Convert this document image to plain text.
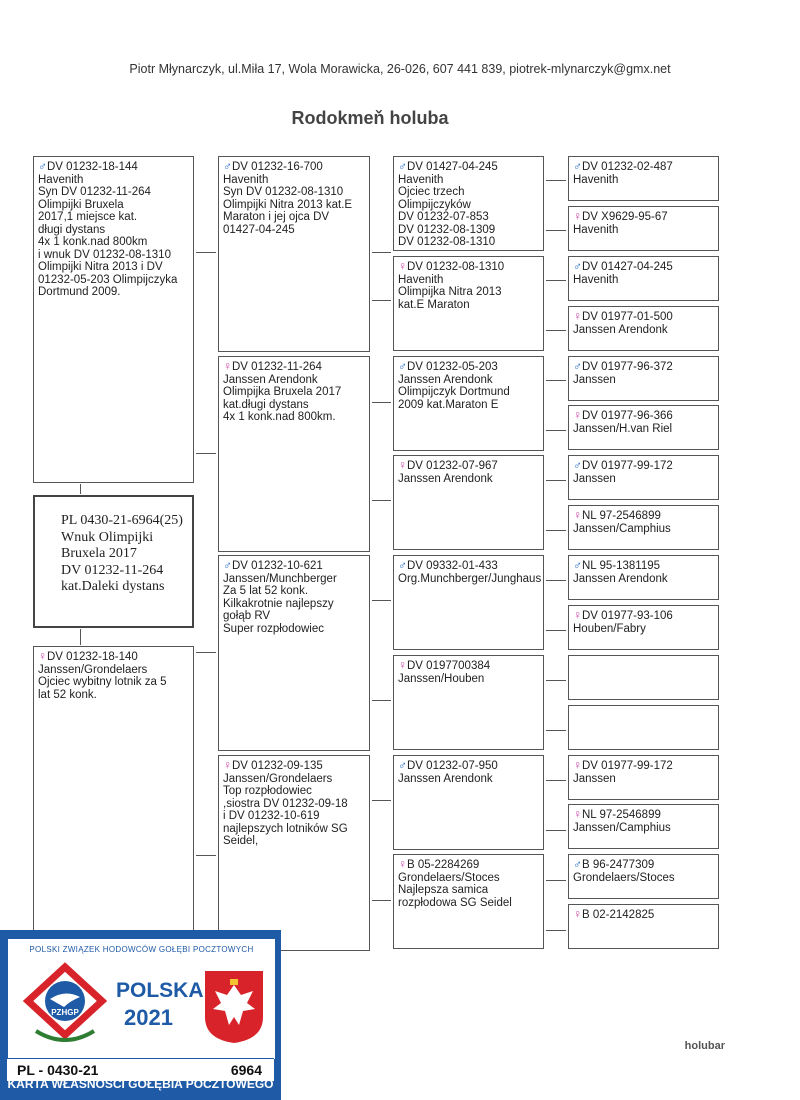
Piotr Młynarczyk, ul.Miła 17, Wola Morawicka, 26-026, 607 441 839, piotrek-mlynarczyk@gmx.net
Rodokmeň holuba
PL 0430-21-6964(25)
Wnuk Olimpijki
Bruxela 2017
DV 01232-11-264
kat.Daleki dystans
♂DV 01232-18-144
Havenith
Syn DV 01232-11-264
Olimpijki Bruxela
2017,1 miejsce kat.
długi dystans
4x 1 konk.nad 800km
i wnuk DV 01232-08-1310
Olimpijki Nitra 2013 i DV
01232-05-203 Olimpijczyka
Dortmund 2009.
♀DV 01232-18-140
Janssen/Grondelaers
Ojciec wybitny lotnik za 5
lat 52 konk.
♂DV 01232-16-700
Havenith
Syn DV 01232-08-1310
Olimpijki Nitra 2013 kat.E
Maraton i jej ojca DV
01427-04-245
♀DV 01232-11-264
Janssen Arendonk
Olimpijka Bruxela 2017
kat.długi dystans
4x 1 konk.nad 800km.
♂DV 01232-10-621
Janssen/Munchberger
Za 5 lat 52 konk.
Kilkakrotnie najlepszy
gołąb RV
Super rozpłodowiec
♀DV 01232-09-135
Janssen/Grondelaers
Top rozpłodowiec
,siostra DV 01232-09-18
i DV 01232-10-619
najlepszych lotników SG
Seidel,
♂DV 01427-04-245
Havenith
Ojciec trzech
Olimpijczyków
DV 01232-07-853
DV 01232-08-1309
DV 01232-08-1310
♀DV 01232-08-1310
Havenith
Olimpijka Nitra 2013
kat.E Maraton
♂DV 01232-05-203
Janssen Arendonk
Olimpijczyk Dortmund
2009 kat.Maraton E
♀DV 01232-07-967
Janssen Arendonk
♂DV 09332-01-433
Org.Munchberger/Junghaus
♀DV 0197700384
Janssen/Houben
♂DV 01232-07-950
Janssen Arendonk
♀B 05-2284269
Grondelaers/Stoces
Najlepsza samica
rozpłodowa SG Seidel
♂DV 01232-02-487
Havenith
♀DV X9629-95-67
Havenith
♂DV 01427-04-245
Havenith
♀DV 01977-01-500
Janssen Arendonk
♂DV 01977-96-372
Janssen
♀DV 01977-96-366
Janssen/H.van Riel
♂DV 01977-99-172
Janssen
♀NL 97-2546899
Janssen/Camphius
♂NL 95-1381195
Janssen Arendonk
♀DV 01977-93-106
Houben/Fabry
♀DV 01977-99-172
Janssen
♀NL 97-2546899
Janssen/Camphius
♂B 96-2477309
Grondelaers/Stoces
♀B 02-2142825
POLSKI ZWIĄZEK HODOWCÓW GOŁĘBI POCZTOWYCH
PZHGP
POLSKA
2021
PL - 0430-21	6964
KARTA WŁASNOŚCI GOŁĘBIA POCZTOWEGO
holubar
